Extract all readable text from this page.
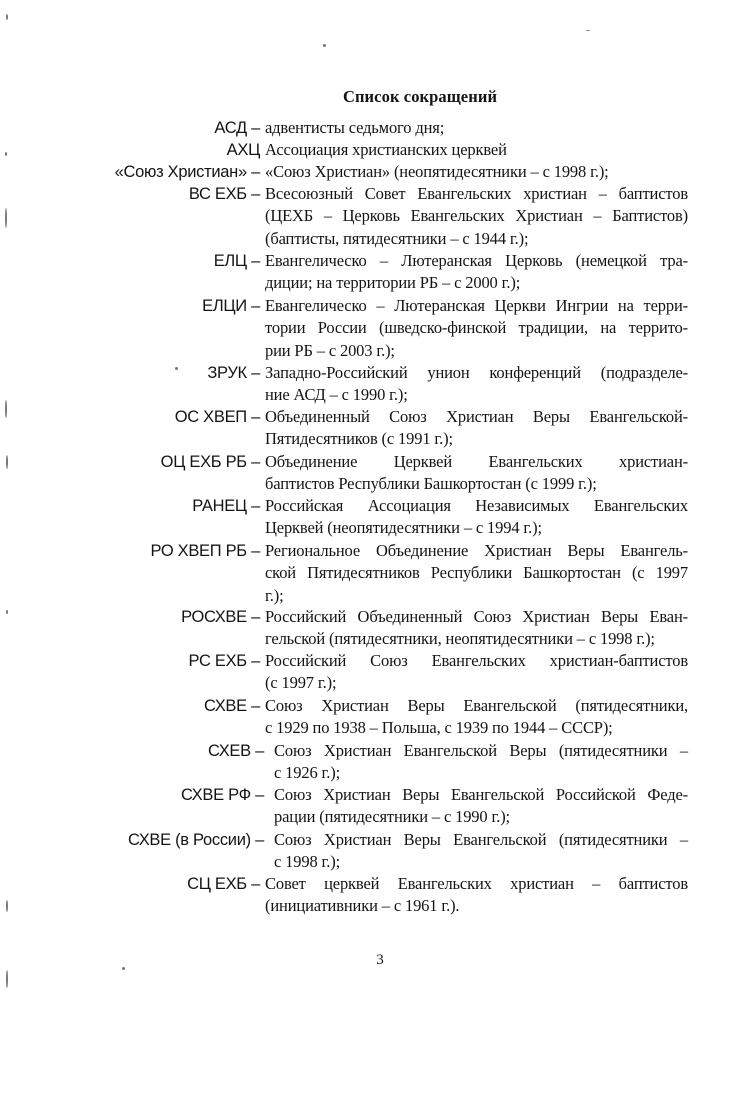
Список сокращений
АСД – адвентисты седьмого дня;
АХЦ Ассоциация христианских церквей
«Союз Христиан» – «Союз Христиан» (неопятидесятники – с 1998 г.);
ВС ЕХБ – Всесоюзный Совет Евангельских христиан – баптистов
(ЦЕХБ – Церковь Евангельских Христиан – Баптистов)
(баптисты, пятидесятники – с 1944 г.);
ЕЛЦ – Евангелическо – Лютеранская Церковь (немецкой тра-
диции; на территории РБ – с 2000 г.);
ЕЛЦИ – Евангелическо – Лютеранская Церкви Ингрии на терри-
тории России (шведско-финской традиции, на террито-
рии РБ – с 2003 г.);
ЗРУК – Западно-Российский унион конференций (подразделе-
ние АСД – с 1990 г.);
ОС ХВЕП – Объединенный Союз Христиан Веры Евангельской-
Пятидесятников (с 1991 г.);
ОЦ ЕХБ РБ – Объединение Церквей Евангельских христиан-
баптистов Республики Башкортостан (с 1999 г.);
РАНЕЦ – Российская Ассоциация Независимых Евангельских
Церквей (неопятидесятники – с 1994 г.);
РО ХВЕП РБ – Региональное Объединение Христиан Веры Евангель-
ской Пятидесятников Республики Башкортостан (с 1997
г.);
РОСХВЕ – Российский Объединенный Союз Христиан Веры Еван-
гельской (пятидесятники, неопятидесятники – с 1998 г.);
РС ЕХБ – Российский Союз Евангельских христиан-баптистов
(с 1997 г.);
СХВЕ – Союз Христиан Веры Евангельской (пятидесятники,
с 1929 по 1938 – Польша, с 1939 по 1944 – СССР);
СХЕВ – Союз Христиан Евангельской Веры (пятидесятники –
с 1926 г.);
СХВЕ РФ – Союз Христиан Веры Евангельской Российской Феде-
рации (пятидесятники – с 1990 г.);
СХВЕ (в России) – Союз Христиан Веры Евангельской (пятидесятники –
с 1998 г.);
СЦ ЕХБ – Совет церквей Евангельских христиан – баптистов
(инициативники – с 1961 г.).
3
